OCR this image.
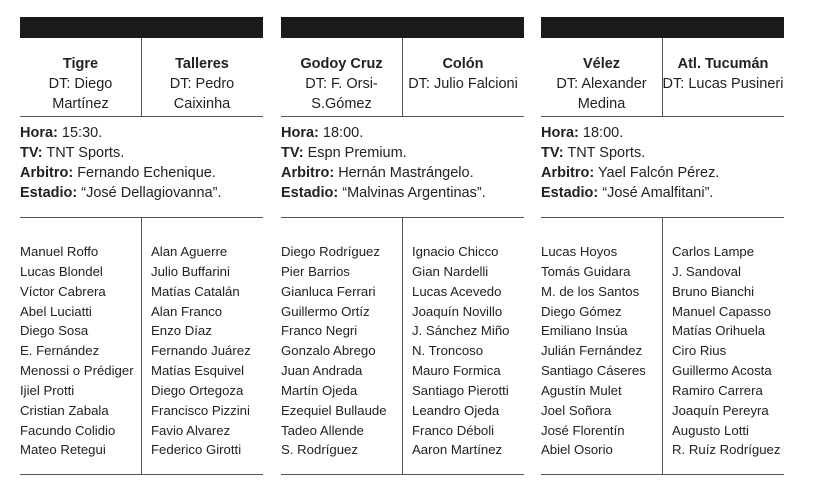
Tigre
DT: Diego Martínez
Talleres
DT: Pedro Caixinha
Hora: 15:30.
TV: TNT Sports.
Arbitro: Fernando Echenique.
Estadio: “José Dellagiovanna”.
Manuel Roffo
Lucas Blondel
Víctor Cabrera
Abel Luciatti
Diego Sosa
E. Fernández
Menossi o Prédiger
Ijiel Protti
Cristian Zabala
Facundo Colidio
Mateo Retegui
Alan Aguerre
Julio Buffarini
Matías Catalán
Alan Franco
Enzo Díaz
Fernando Juárez
Matías Esquivel
Diego Ortegoza
Francisco Pizzini
Favio Alvarez
Federico Girotti
Godoy Cruz
DT: F. Orsi-S.Gómez
Colón
DT: Julio Falcioni
Hora: 18:00.
TV: Espn Premium.
Arbitro: Hernán Mastrángelo.
Estadio: “Malvinas Argentinas”.
Diego Rodríguez
Pier Barrios
Gianluca Ferrari
Guillermo Ortíz
Franco Negri
Gonzalo Abrego
Juan Andrada
Martín Ojeda
Ezequiel Bullaude
Tadeo Allende
S. Rodríguez
Ignacio Chicco
Gian Nardelli
Lucas Acevedo
Joaquín Novillo
J. Sánchez Miño
N. Troncoso
Mauro Formica
Santiago Pierotti
Leandro Ojeda
Franco Déboli
Aaron Martínez
Vélez
DT: Alexander Medina
Atl. Tucumán
DT: Lucas Pusineri
Hora: 18:00.
TV: TNT Sports.
Arbitro: Yael Falcón Pérez.
Estadio: “José Amalfitani”.
Lucas Hoyos
Tomás Guidara
M. de los Santos
Diego Gómez
Emiliano Insúa
Julián Fernández
Santiago Cáseres
Agustín Mulet
Joel Soñora
José Florentín
Abiel Osorio
Carlos Lampe
J. Sandoval
Bruno Bianchi
Manuel Capasso
Matías Orihuela
Ciro Rius
Guillermo Acosta
Ramiro Carrera
Joaquín Pereyra
Augusto Lotti
R. Ruíz Rodríguez
